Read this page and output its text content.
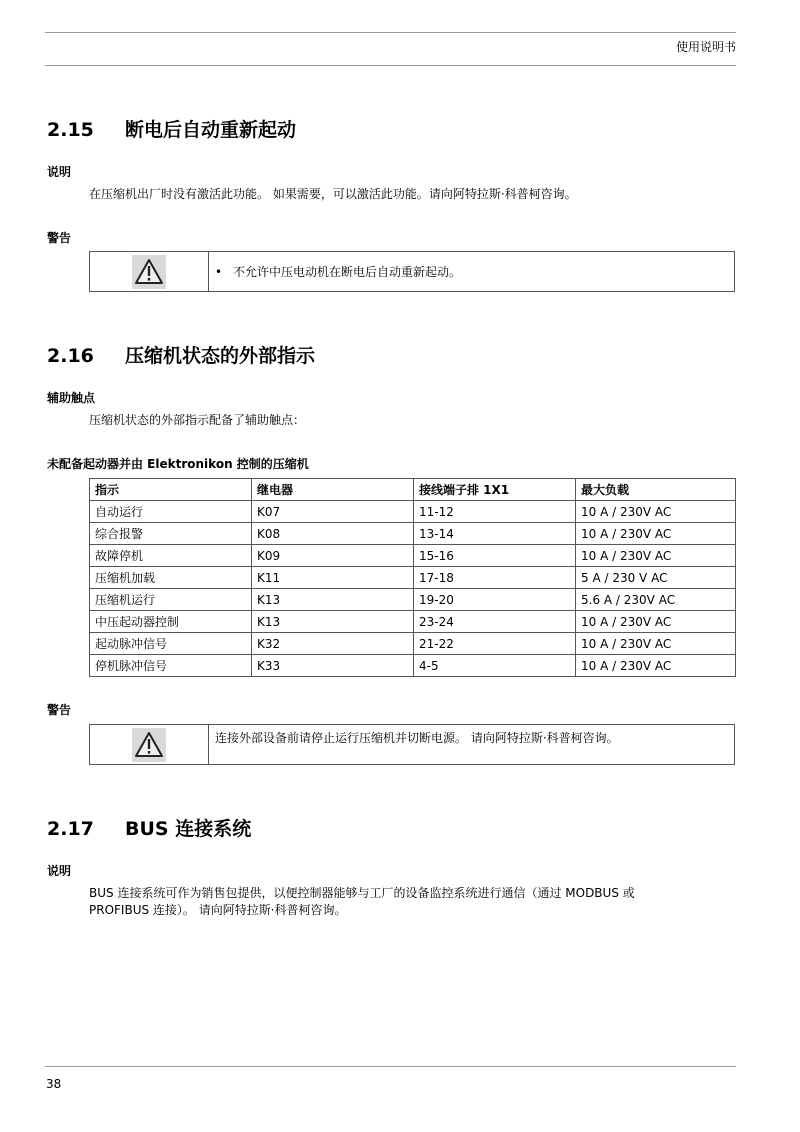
使用说明书
2.15 断电后自动重新起动
说明
在压缩机出厂时没有激活此功能。 如果需要，可以激活此功能。请向阿特拉斯·科普柯咨询。
警告
• 不允许中压电动机在断电后自动重新起动。
2.16 压缩机状态的外部指示
辅助触点
压缩机状态的外部指示配备了辅助触点：
未配备起动器并由 Elektronikon 控制的压缩机
指示	继电器	接线端子排 1X1	最大负载
自动运行	K07	11-12	10 A / 230V AC
综合报警	K08	13-14	10 A / 230V AC
故障停机	K09	15-16	10 A / 230V AC
压缩机加载	K11	17-18	5 A / 230 V AC
压缩机运行	K13	19-20	5.6 A / 230V AC
中压起动器控制	K13	23-24	10 A / 230V AC
起动脉冲信号	K32	21-22	10 A / 230V AC
停机脉冲信号	K33	4-5	10 A / 230V AC
警告
连接外部设备前请停止运行压缩机并切断电源。 请向阿特拉斯·科普柯咨询。
2.17 BUS 连接系统
说明
BUS 连接系统可作为销售包提供，以便控制器能够与工厂的设备监控系统进行通信（通过 MODBUS 或
PROFIBUS 连接）。 请向阿特拉斯·科普柯咨询。
38
